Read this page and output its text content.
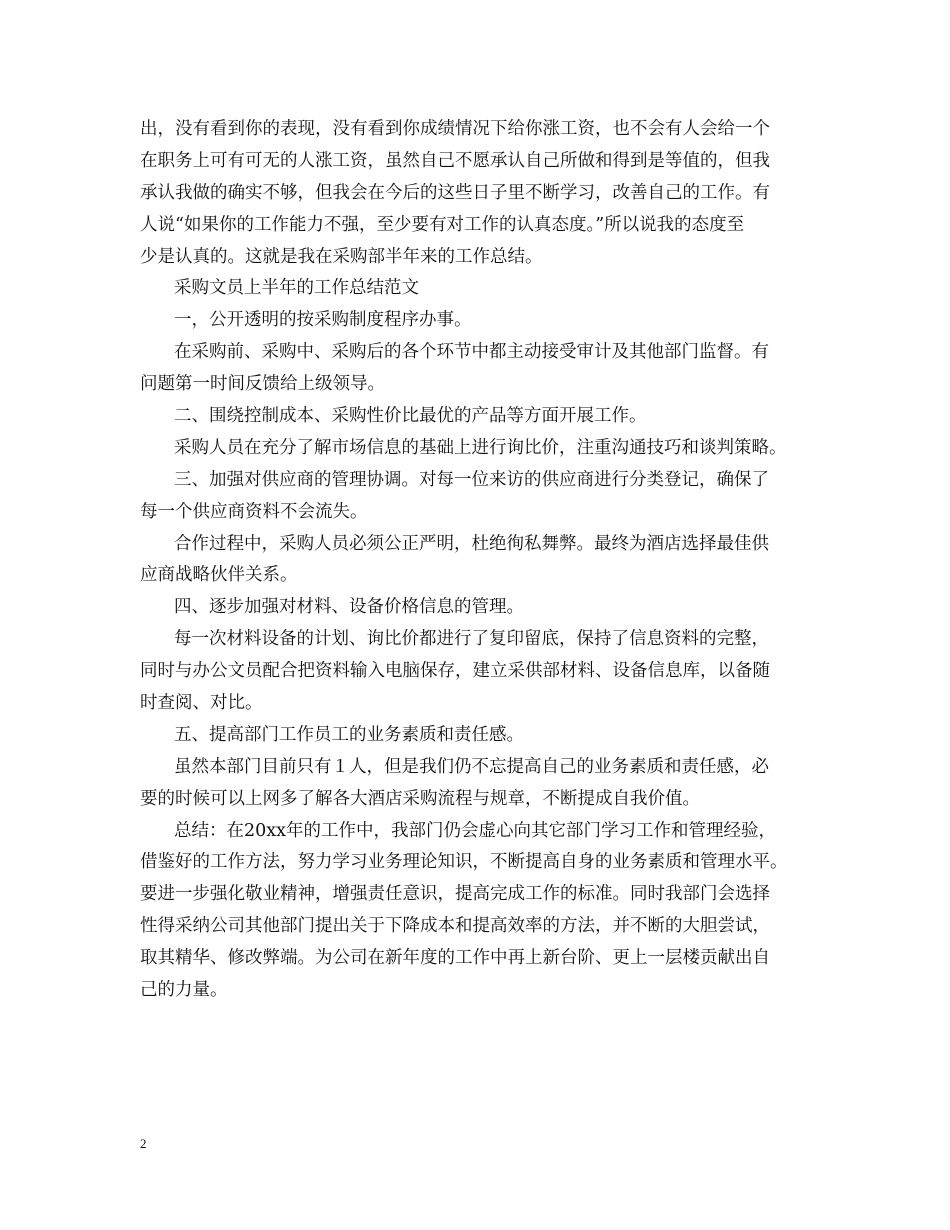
出，没有看到你的表现，没有看到你成绩情况下给你涨工资，也不会有人会给一个
在职务上可有可无的人涨工资，虽然自己不愿承认自己所做和得到是等值的，但我
承认我做的确实不够，但我会在今后的这些日子里不断学习，改善自己的工作。有
人说“如果你的工作能力不强，至少要有对工作的认真态度。”所以说我的态度至
少是认真的。这就是我在采购部半年来的工作总结。
采购文员上半年的工作总结范文
一，公开透明的按采购制度程序办事。
在采购前、采购中、采购后的各个环节中都主动接受审计及其他部门监督。有
问题第一时间反馈给上级领导。
二、围绕控制成本、采购性价比最优的产品等方面开展工作。
采购人员在充分了解市场信息的基础上进行询比价，注重沟通技巧和谈判策略。
三、加强对供应商的管理协调。对每一位来访的供应商进行分类登记，确保了
每一个供应商资料不会流失。
合作过程中，采购人员必须公正严明，杜绝徇私舞弊。最终为酒店选择最佳供
应商战略伙伴关系。
四、逐步加强对材料、设备价格信息的管理。
每一次材料设备的计划、询比价都进行了复印留底，保持了信息资料的完整，
同时与办公文员配合把资料输入电脑保存，建立采供部材料、设备信息库，以备随
时查阅、对比。
五、提高部门工作员工的业务素质和责任感。
虽然本部门目前只有１人，但是我们仍不忘提高自己的业务素质和责任感，必
要的时候可以上网多了解各大酒店采购流程与规章，不断提成自我价值。
总结：在20xx年的工作中，我部门仍会虚心向其它部门学习工作和管理经验，
借鉴好的工作方法，努力学习业务理论知识，不断提高自身的业务素质和管理水平。
要进一步强化敬业精神，增强责任意识，提高完成工作的标准。同时我部门会选择
性得采纳公司其他部门提出关于下降成本和提高效率的方法，并不断的大胆尝试，
取其精华、修改弊端。为公司在新年度的工作中再上新台阶、更上一层楼贡献出自
己的力量。
2
